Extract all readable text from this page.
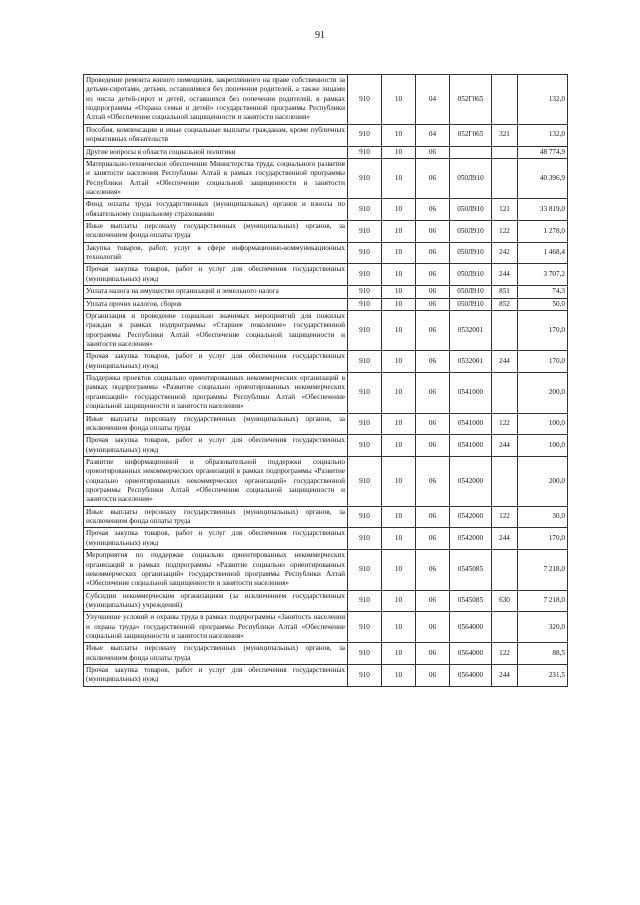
91
Проведение ремонта жилого помещения, закрепленного на праве собственности за детьми-сиротами, детьми, оставшимися без попечения родителей, а также лицами из числа детей-сирот и детей, оставшихся без попечения родителей, в рамках подпрограммы «Охрана семьи и детей» государственной программы Республики Алтай «Обеспечение социальной защищенности и занятости населения»	910	10	04	052Г065		132,0
Пособия, компенсации и иные социальные выплаты гражданам, кроме публичных нормативных обязательств	910	10	04	052Г065	321	132,0
Другие вопросы в области социальной политики	910	10	06			48 774,9
Материально-техническое обеспечение Министерства труда, социального развития и занятости населения Республики Алтай в рамках государственной программы Республики Алтай «Обеспечение социальной защищенности и занятости населения»	910	10	06	050Л910		40 396,9
Фонд оплаты труда государственных (муниципальных) органов и взносы по обязательному социальному страхованию	910	10	06	050Л910	121	33 819,0
Иные выплаты персоналу государственных (муниципальных) органов, за исключением фонда оплаты труда	910	10	06	050Л910	122	1 278,0
Закупка товаров, работ, услуг в сфере информационно-коммуникационных технологий	910	10	06	050Л910	242	1 468,4
Прочая закупка товаров, работ и услуг для обеспечения государственных (муниципальных) нужд	910	10	06	050Л910	244	3 707,2
Уплата налога на имущество организаций и земельного налога	910	10	06	050Л910	851	74,3
Уплата прочих налогов, сборов	910	10	06	050Л910	852	50,0
Организация и проведение социально значимых мероприятий для пожилых граждан в рамках подпрограммы «Старшее поколение» государственной программы Республики Алтай «Обеспечение социальной защищенности и занятости населения»	910	10	06	0532001		170,0
Прочая закупка товаров, работ и услуг для обеспечения государственных (муниципальных) нужд	910	10	06	0532001	244	170,0
Поддержка проектов социально ориентированных некоммерческих организаций в рамках подпрограммы «Развитие социально ориентированных некоммерческих организаций» государственной программы Республики Алтай «Обеспечение социальной защищенности и занятости населения»	910	10	06	0541000		200,0
Иные выплаты персоналу государственных (муниципальных) органов, за исключением фонда оплаты труда	910	10	06	0541000	122	100,0
Прочая закупка товаров, работ и услуг для обеспечения государственных (муниципальных) нужд	910	10	06	0541000	244	100,0
Развитие информационной и образовательной поддержки социально ориентированных некоммерческих организаций в рамках подпрограммы «Развитие социально ориентированных некоммерческих организаций» государственной программы Республики Алтай «Обеспечение социальной защищенности и занятости населения»	910	10	06	0542000		200,0
Иные выплаты персоналу государственных (муниципальных) органов, за исключением фонда оплаты труда	910	10	06	0542000	122	30,0
Прочая закупка товаров, работ и услуг для обеспечения государственных (муниципальных) нужд	910	10	06	0542000	244	170,0
Мероприятия по поддержке социально ориентированных некоммерческих организаций в рамках подпрограммы «Развитие социально ориентированных некоммерческих организаций» государственной программы Республики Алтай «Обеспечение социальной защищенности и занятости населения»	910	10	06	0545085		7 218,0
Субсидии некоммерческим организациям (за исключением государственных (муниципальных) учреждений)	910	10	06	0545085	630	7 218,0
Улучшение условий и охраны труда в рамках подпрограммы «Занятость населения и охрана труда» государственной программы Республики Алтай «Обеспечение социальной защищенности и занятости населения»	910	10	06	0564000		320,0
Иные выплаты персоналу государственных (муниципальных) органов, за исключением фонда оплаты труда	910	10	06	0564000	122	88,5
Прочая закупка товаров, работ и услуг для обеспечения государственных (муниципальных) нужд	910	10	06	0564000	244	231,5
